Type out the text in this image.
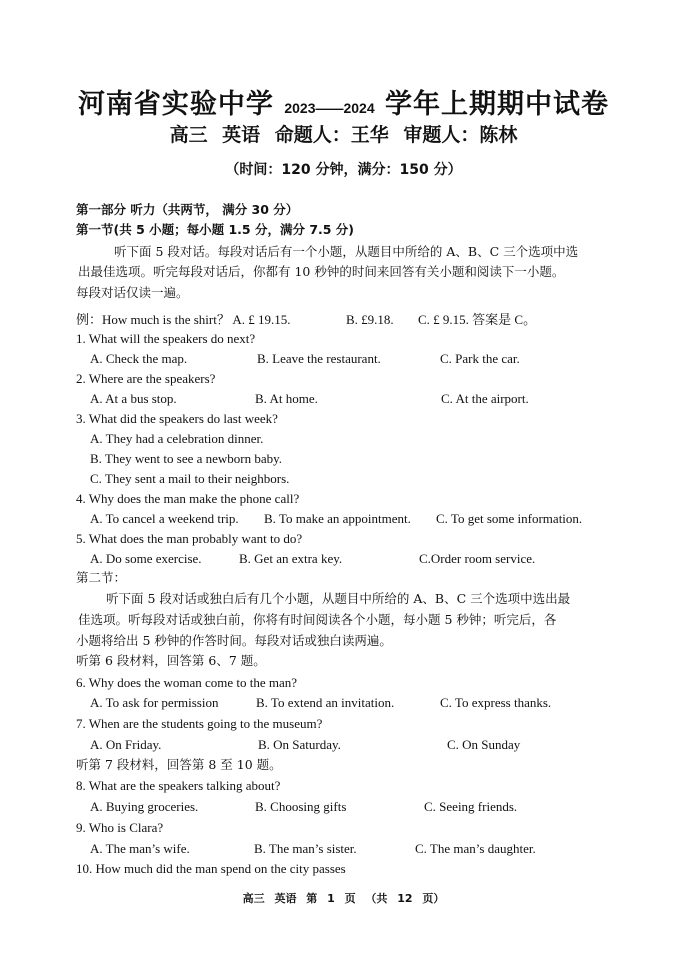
河南省实验中学 2023——2024 学年上期期中试卷
高三 英语 命题人：王华 审题人：陈林
（时间：120 分钟，满分：150 分）
第一部分 听力（共两节， 满分 30 分）
第一节(共 5 小题；每小题 1.5 分，满分 7.5 分)
听下面 5 段对话。每段对话后有一个小题，从题目中所给的 A、B、C 三个选项中选
出最佳选项。听完每段对话后，你都有 10 秒钟的时间来回答有关小题和阅读下一小题。
每段对话仅读一遍。
例：How much is the shirt？ A. £ 19.15.	B. £9.18. C. £ 9.15. 答案是 C。
1. What will the speakers do next?
A. Check the map.	B. Leave the restaurant.	C. Park the car.
2. Where are the speakers?
A. At a bus stop.	B. At home.	C. At the airport.
3. What did the speakers do last week?
A. They had a celebration dinner.
B. They went to see a newborn baby.
C. They sent a mail to their neighbors.
4. Why does the man make the phone call?
A. To cancel a weekend trip. B. To make an appointment. C. To get some information.
5. What does the man probably want to do?
A. Do some exercise.	B. Get an extra key.	C.Order room service.
第二节：
听下面 5 段对话或独白后有几个小题，从题目中所给的 A、B、C 三个选项中选出最
佳选项。听每段对话或独白前，你将有时间阅读各个小题，每小题 5 秒钟；听完后，各
小题将给出 5 秒钟的作答时间。每段对话或独白读两遍。
听第 6 段材料，回答第 6、7 题。
6. Why does the woman come to the man?
A. To ask for permission	B. To extend an invitation.	C. To express thanks.
7. When are the students going to the museum?
A. On Friday.	B. On Saturday.	C. On Sunday
听第 7 段材料，回答第 8 至 10 题。
8. What are the speakers talking about?
A. Buying groceries.	B. Choosing gifts	C. Seeing friends.
9. Who is Clara?
A. The man’s wife.	B. The man’s sister.	C. The man’s daughter.
10. How much did the man spend on the city passes
高三 英语 第 1 页 （共 12 页）
